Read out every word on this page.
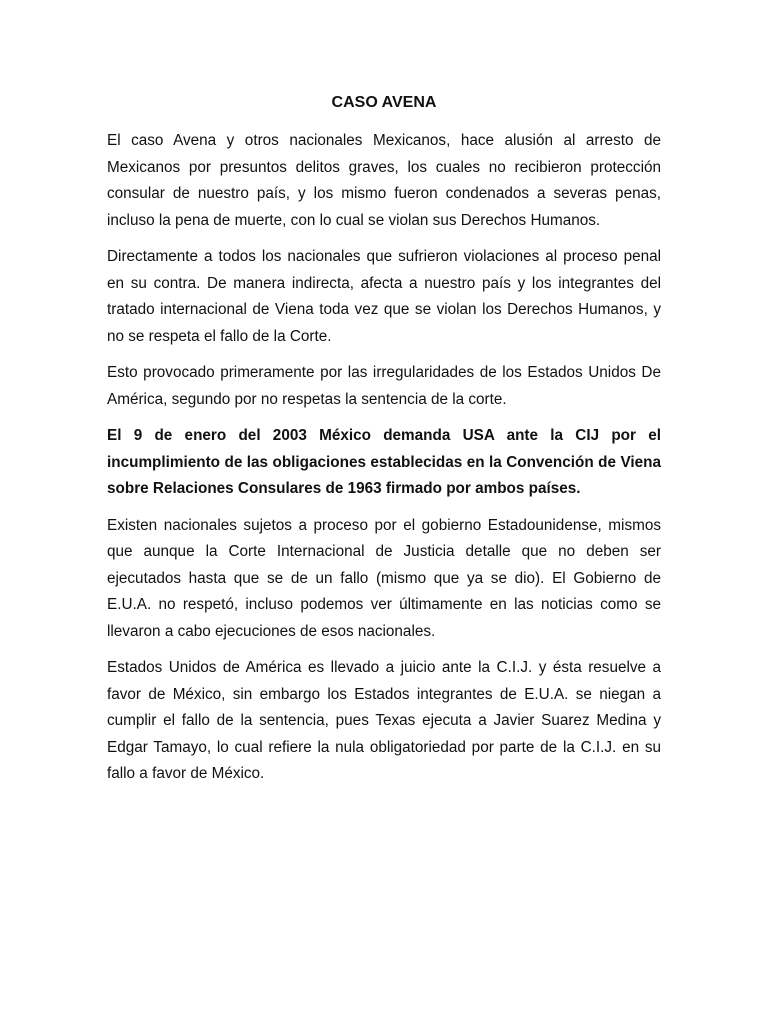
CASO AVENA

El caso Avena y otros nacionales Mexicanos, hace alusión al arresto de Mexicanos por presuntos delitos graves, los cuales no recibieron protección consular de nuestro país, y los mismo fueron condenados a severas penas, incluso la pena de muerte, con lo cual se violan sus Derechos Humanos.

Directamente a todos los nacionales que sufrieron violaciones al proceso penal en su contra. De manera indirecta, afecta a nuestro país y los integrantes del tratado internacional de Viena toda vez que se violan los Derechos Humanos, y no se respeta el fallo de la Corte.

Esto provocado primeramente por las irregularidades de los Estados Unidos De América, segundo por no respetas la sentencia de la corte.

El 9 de enero del 2003 México demanda USA ante la CIJ por el incumplimiento de las obligaciones establecidas en la Convención de Viena sobre Relaciones Consulares de 1963 firmado por ambos países.

Existen nacionales sujetos a proceso por el gobierno Estadounidense, mismos que aunque la Corte Internacional de Justicia detalle que no deben ser ejecutados hasta que se de un fallo (mismo que ya se dio). El Gobierno de E.U.A. no respetó, incluso podemos ver últimamente en las noticias como se llevaron a cabo ejecuciones de esos nacionales.

Estados Unidos de América es llevado a juicio ante la C.I.J. y ésta resuelve a favor de México, sin embargo los Estados integrantes de E.U.A. se niegan a cumplir el fallo de la sentencia, pues Texas ejecuta a Javier Suarez Medina y Edgar Tamayo, lo cual refiere la nula obligatoriedad por parte de la C.I.J. en su fallo a favor de México.
